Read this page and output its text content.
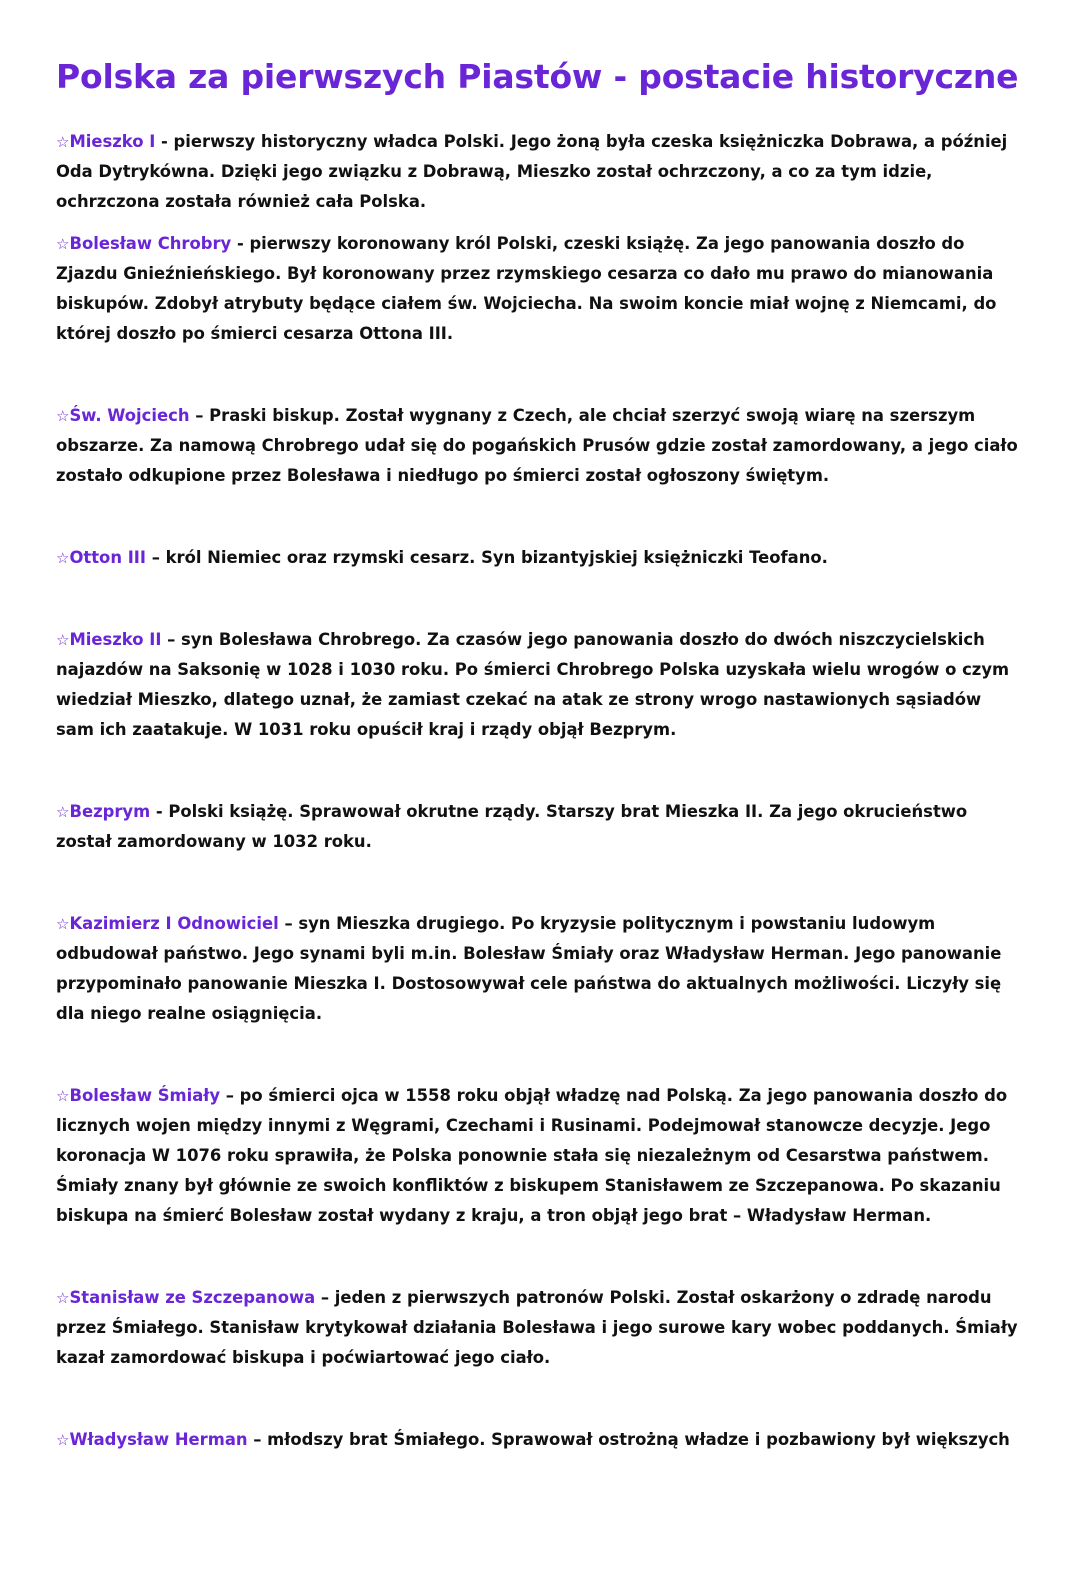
Polska za pierwszych Piastów - postacie historyczne

☆Mieszko I - pierwszy historyczny władca Polski. Jego żoną była czeska księżniczka Dobrawa, a później Oda Dytrykówna. Dzięki jego związku z Dobrawą, Mieszko został ochrzczony, a co za tym idzie, ochrzczona została również cała Polska.

☆Bolesław Chrobry - pierwszy koronowany król Polski, czeski książę. Za jego panowania doszło do Zjazdu Gnieźnieńskiego. Był koronowany przez rzymskiego cesarza co dało mu prawo do mianowania biskupów. Zdobył atrybuty będące ciałem św. Wojciecha. Na swoim koncie miał wojnę z Niemcami, do której doszło po śmierci cesarza Ottona III.

☆Św. Wojciech – Praski biskup. Został wygnany z Czech, ale chciał szerzyć swoją wiarę na szerszym obszarze. Za namową Chrobrego udał się do pogańskich Prusów gdzie został zamordowany, a jego ciało zostało odkupione przez Bolesława i niedługo po śmierci został ogłoszony świętym.

☆Otton III – król Niemiec oraz rzymski cesarz. Syn bizantyjskiej księżniczki Teofano.

☆Mieszko II – syn Bolesława Chrobrego. Za czasów jego panowania doszło do dwóch niszczycielskich najazdów na Saksonię w 1028 i 1030 roku. Po śmierci Chrobrego Polska uzyskała wielu wrogów o czym wiedział Mieszko, dlatego uznał, że zamiast czekać na atak ze strony wrogo nastawionych sąsiadów sam ich zaatakuje. W 1031 roku opuścił kraj i rządy objął Bezprym.

☆Bezprym - Polski książę. Sprawował okrutne rządy. Starszy brat Mieszka II. Za jego okrucieństwo został zamordowany w 1032 roku.

☆Kazimierz I Odnowiciel – syn Mieszka drugiego. Po kryzysie politycznym i powstaniu ludowym odbudował państwo. Jego synami byli m.in. Bolesław Śmiały oraz Władysław Herman. Jego panowanie przypominało panowanie Mieszka I. Dostosowywał cele państwa do aktualnych możliwości. Liczyły się dla niego realne osiągnięcia.

☆Bolesław Śmiały – po śmierci ojca w 1558 roku objął władzę nad Polską. Za jego panowania doszło do licznych wojen między innymi z Węgrami, Czechami i Rusinami. Podejmował stanowcze decyzje. Jego koronacja W 1076 roku sprawiła, że Polska ponownie stała się niezależnym od Cesarstwa państwem. Śmiały znany był głównie ze swoich konfliktów z biskupem Stanisławem ze Szczepanowa. Po skazaniu biskupa na śmierć Bolesław został wydany z kraju, a tron objął jego brat – Władysław Herman.

☆Stanisław ze Szczepanowa – jeden z pierwszych patronów Polski. Został oskarżony o zdradę narodu przez Śmiałego. Stanisław krytykował działania Bolesława i jego surowe kary wobec poddanych. Śmiały kazał zamordować biskupa i poćwiartować jego ciało.

☆Władysław Herman – młodszy brat Śmiałego. Sprawował ostrożną władze i pozbawiony był większych
